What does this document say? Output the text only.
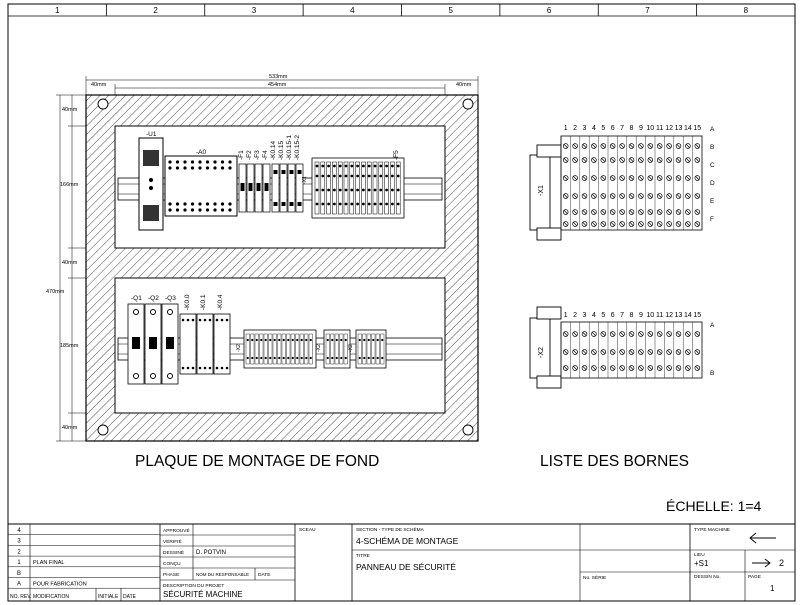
1	2	3	4	5	6	7	8
-U1
-A0	-F1 -F2 -F3 -F4 -K0.14 -K0.15 -K0.15-1 -K0.15-2
-X1
-F5
-Q1 -Q2 -Q3 -K0.0 -K0.1 -K0.4
-X2	-X2	-X2
533mm
454mm
40mm	40mm
40mm
166mm
40mm
470mm
185mm
40mm
PLAQUE DE MONTAGE DE FOND
-X1
1 2 3 4 5 6 7 8 9 10 11 12 13 14 15 A
B
C
D
E
F
-X2
1 2 3 4 5 6 7 8 9 10 11 12 13 14 15
A
B
LISTE DES BORNES
ÉCHELLE: 1=4
4
3
2
1 PLAN FINAL
B
A POUR FABRICATION
NO. REV. MODIFICATION	INITIALE DATE
APPROUVÉ
VÉRIFIÉ
DESSINÉ D. POTVIN
CONÇU
PHASE	NOM DU RESPONSABLE DATE
DESCRIPTION DU PROJET
SÉCURITÉ MACHINE
SCEAU	SECTION - TYPE DE SCHÉMA
4-SCHÉMA DE MONTAGE
TITRE
PANNEAU DE SÉCURITÉ
No. SÉRIE
TYPE MACHINE
LIEU
+S1
DESSIN No.	PAGE
1
2
